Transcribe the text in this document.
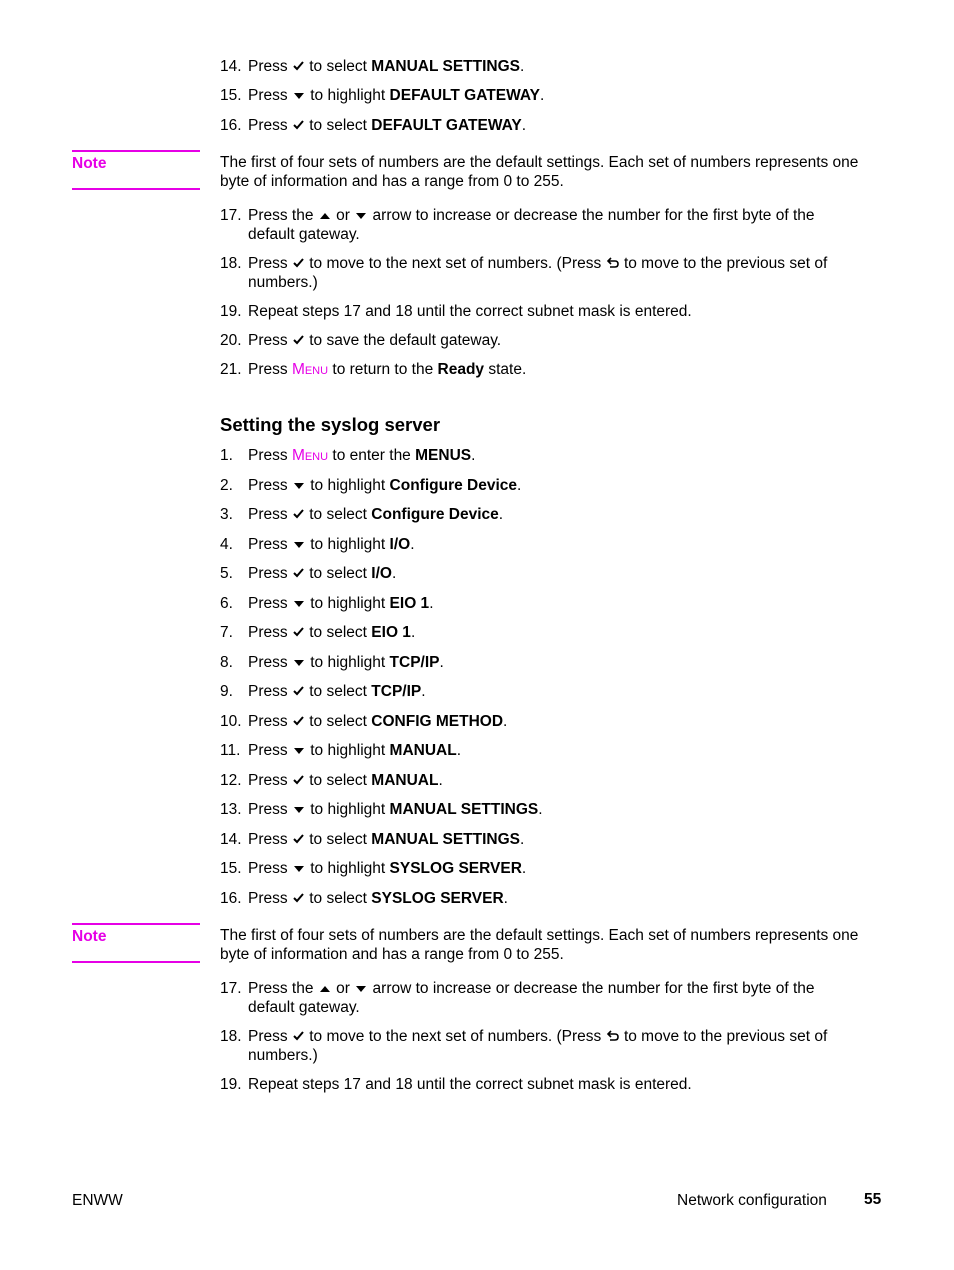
14. Press to select MANUAL SETTINGS.
15. Press to highlight DEFAULT GATEWAY.
16. Press to select DEFAULT GATEWAY.
Note	The first of four sets of numbers are the default settings. Each set of numbers represents one byte of information and has a range from 0 to 255.
17. Press the or arrow to increase or decrease the number for the first byte of the default gateway.
18. Press to move to the next set of numbers. (Press to move to the previous set of numbers.)
19. Repeat steps 17 and 18 until the correct subnet mask is entered.
20. Press to save the default gateway.
21. Press Menu to return to the Ready state.
Setting the syslog server
1. Press Menu to enter the MENUS.
2. Press to highlight Configure Device.
3. Press to select Configure Device.
4. Press to highlight I/O.
5. Press to select I/O.
6. Press to highlight EIO 1.
7. Press to select EIO 1.
8. Press to highlight TCP/IP.
9. Press to select TCP/IP.
10. Press to select CONFIG METHOD.
11. Press to highlight MANUAL.
12. Press to select MANUAL.
13. Press to highlight MANUAL SETTINGS.
14. Press to select MANUAL SETTINGS.
15. Press to highlight SYSLOG SERVER.
16. Press to select SYSLOG SERVER.
Note	The first of four sets of numbers are the default settings. Each set of numbers represents one byte of information and has a range from 0 to 255.
17. Press the or arrow to increase or decrease the number for the first byte of the default gateway.
18. Press to move to the next set of numbers. (Press to move to the previous set of numbers.)
19. Repeat steps 17 and 18 until the correct subnet mask is entered.
ENWW	Network configuration 55
